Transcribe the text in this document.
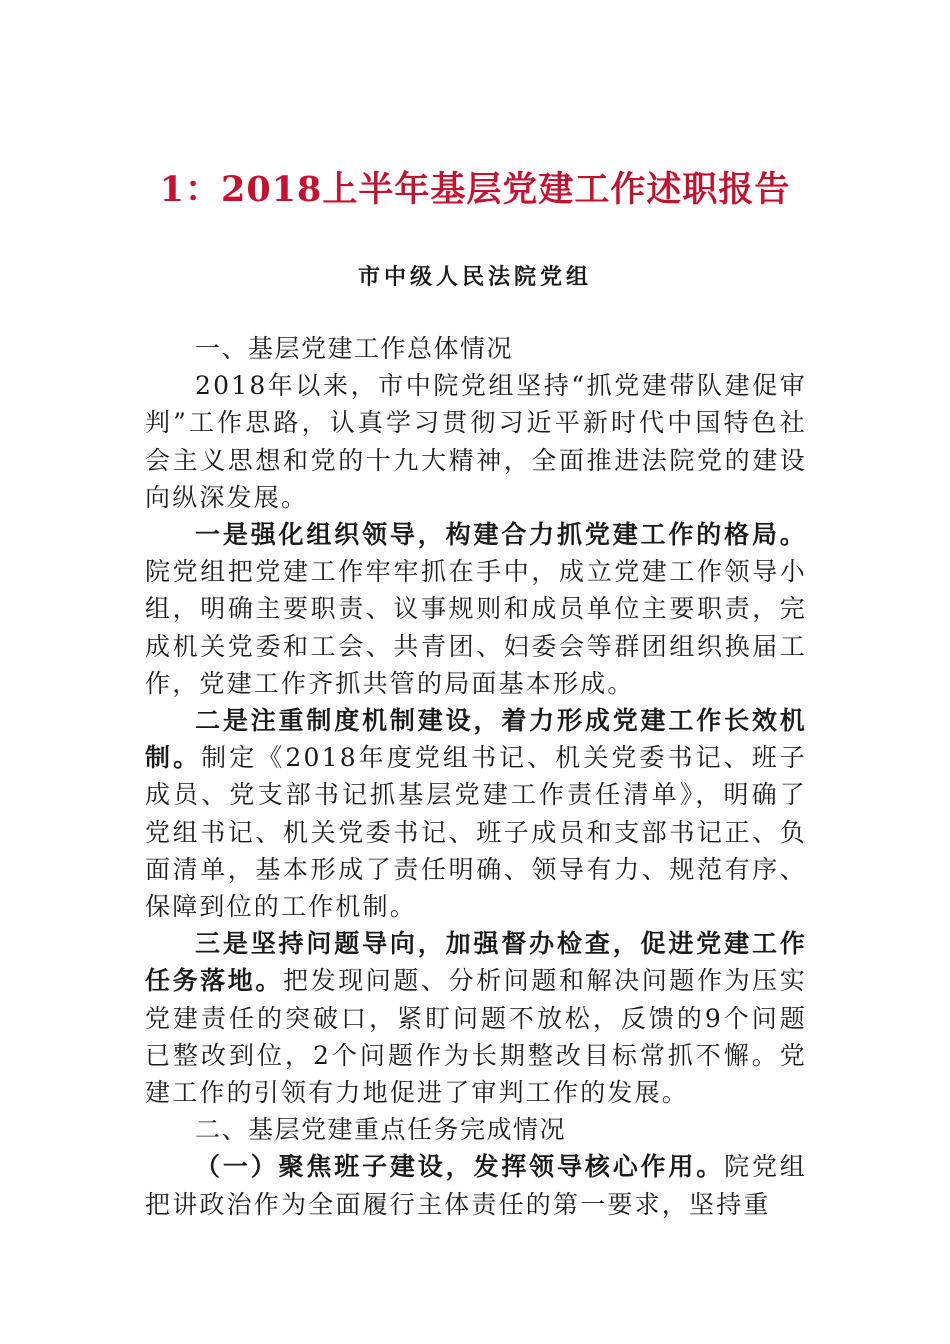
1：2018上半年基层党建工作述职报告

市中级人民法院党组

一、基层党建工作总体情况

2018年以来，市中院党组坚持“抓党建带队建促审判”工作思路，认真学习贯彻习近平新时代中国特色社会主义思想和党的十九大精神，全面推进法院党的建设向纵深发展。

一是强化组织领导，构建合力抓党建工作的格局。院党组把党建工作牢牢抓在手中，成立党建工作领导小组，明确主要职责、议事规则和成员单位主要职责，完成机关党委和工会、共青团、妇委会等群团组织换届工作，党建工作齐抓共管的局面基本形成。

二是注重制度机制建设，着力形成党建工作长效机制。制定《2018年度党组书记、机关党委书记、班子成员、党支部书记抓基层党建工作责任清单》，明确了党组书记、机关党委书记、班子成员和支部书记正、负面清单，基本形成了责任明确、领导有力、规范有序、保障到位的工作机制。

三是坚持问题导向，加强督办检查，促进党建工作任务落地。把发现问题、分析问题和解决问题作为压实党建责任的突破口，紧盯问题不放松，反馈的9个问题已整改到位，2个问题作为长期整改目标常抓不懈。党建工作的引领有力地促进了审判工作的发展。

二、基层党建重点任务完成情况

（一）聚焦班子建设，发挥领导核心作用。院党组把讲政治作为全面履行主体责任的第一要求，坚持重
